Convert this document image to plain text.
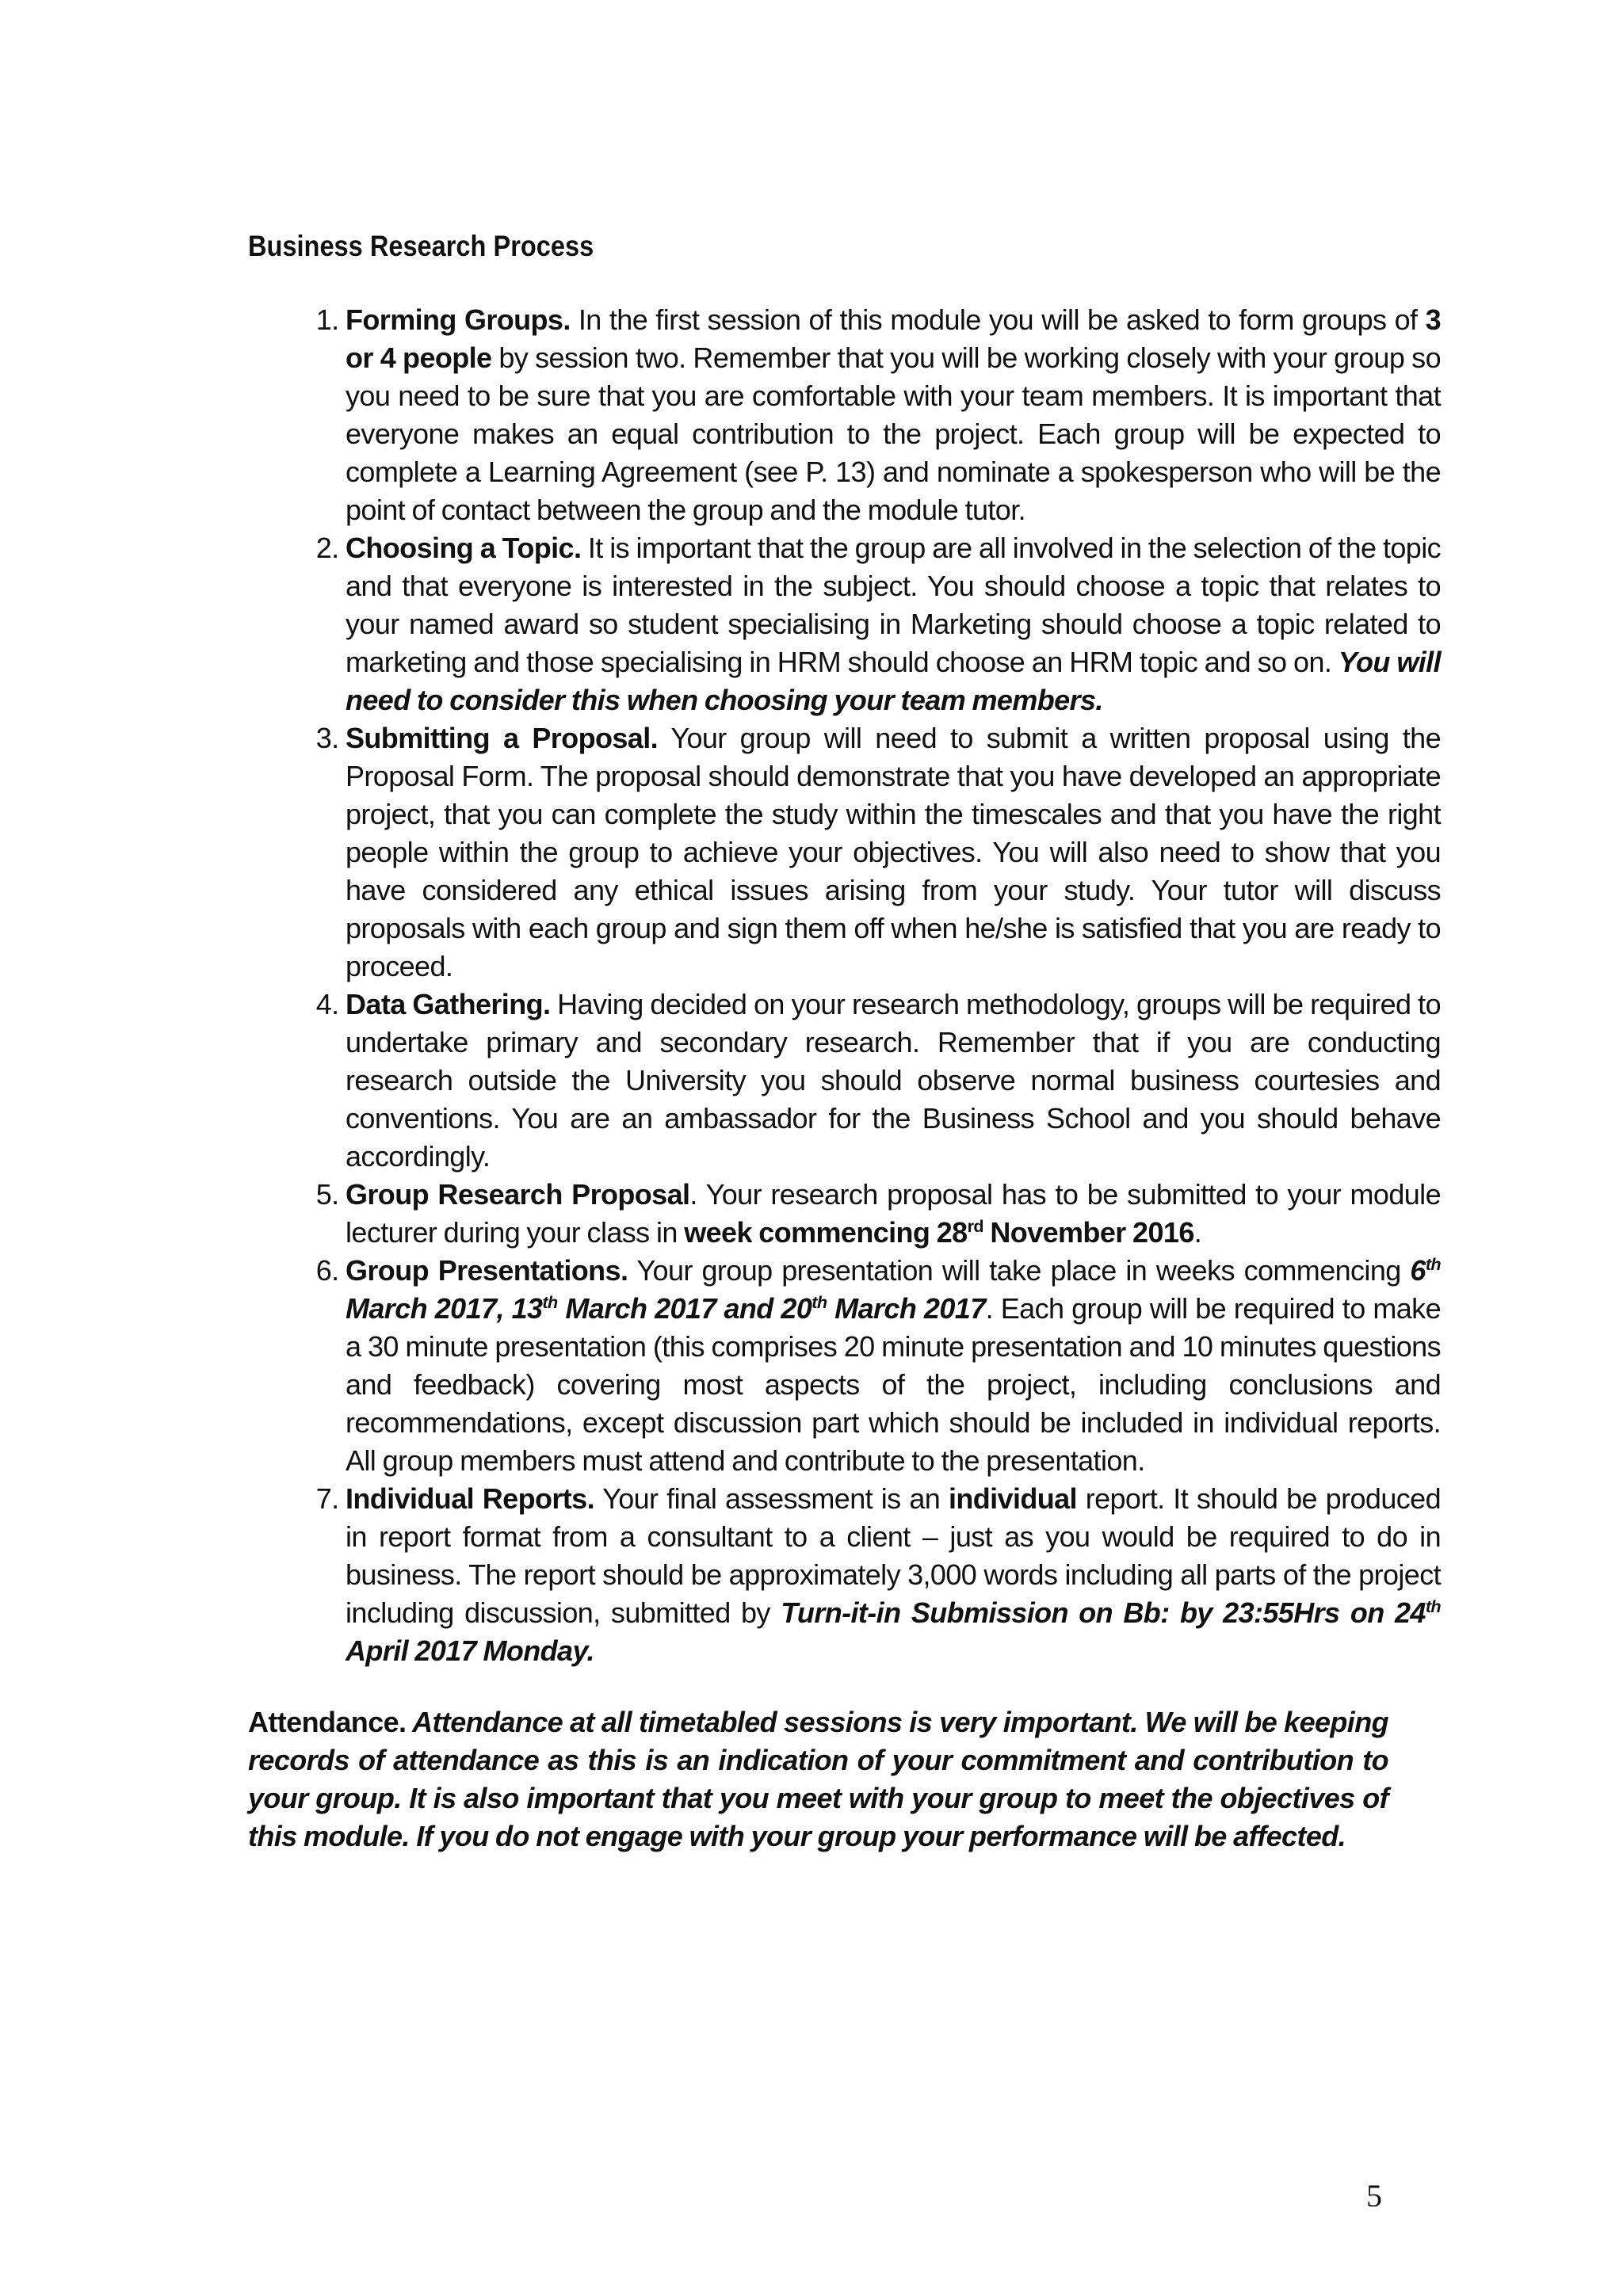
Business Research Process
1. Forming Groups. In the first session of this module you will be asked to form groups of 3 or 4 people by session two. Remember that you will be working closely with your group so you need to be sure that you are comfortable with your team members. It is important that everyone makes an equal contribution to the project. Each group will be expected to complete a Learning Agreement (see P. 13) and nominate a spokesperson who will be the point of contact between the group and the module tutor.
2. Choosing a Topic. It is important that the group are all involved in the selection of the topic and that everyone is interested in the subject. You should choose a topic that relates to your named award so student specialising in Marketing should choose a topic related to marketing and those specialising in HRM should choose an HRM topic and so on. You will need to consider this when choosing your team members.
3. Submitting a Proposal. Your group will need to submit a written proposal using the Proposal Form. The proposal should demonstrate that you have developed an appropriate project, that you can complete the study within the timescales and that you have the right people within the group to achieve your objectives. You will also need to show that you have considered any ethical issues arising from your study. Your tutor will discuss proposals with each group and sign them off when he/she is satisfied that you are ready to proceed.
4. Data Gathering. Having decided on your research methodology, groups will be required to undertake primary and secondary research. Remember that if you are conducting research outside the University you should observe normal business courtesies and conventions. You are an ambassador for the Business School and you should behave accordingly.
5. Group Research Proposal. Your research proposal has to be submitted to your module lecturer during your class in week commencing 28rd November 2016.
6. Group Presentations. Your group presentation will take place in weeks commencing 6th March 2017, 13th March 2017 and 20th March 2017. Each group will be required to make a 30 minute presentation (this comprises 20 minute presentation and 10 minutes questions and feedback) covering most aspects of the project, including conclusions and recommendations, except discussion part which should be included in individual reports. All group members must attend and contribute to the presentation.
7. Individual Reports. Your final assessment is an individual report. It should be produced in report format from a consultant to a client – just as you would be required to do in business. The report should be approximately 3,000 words including all parts of the project including discussion, submitted by Turn-it-in Submission on Bb: by 23:55Hrs on 24th April 2017 Monday.

Attendance. Attendance at all timetabled sessions is very important. We will be keeping records of attendance as this is an indication of your commitment and contribution to your group. It is also important that you meet with your group to meet the objectives of this module. If you do not engage with your group your performance will be affected.

5
